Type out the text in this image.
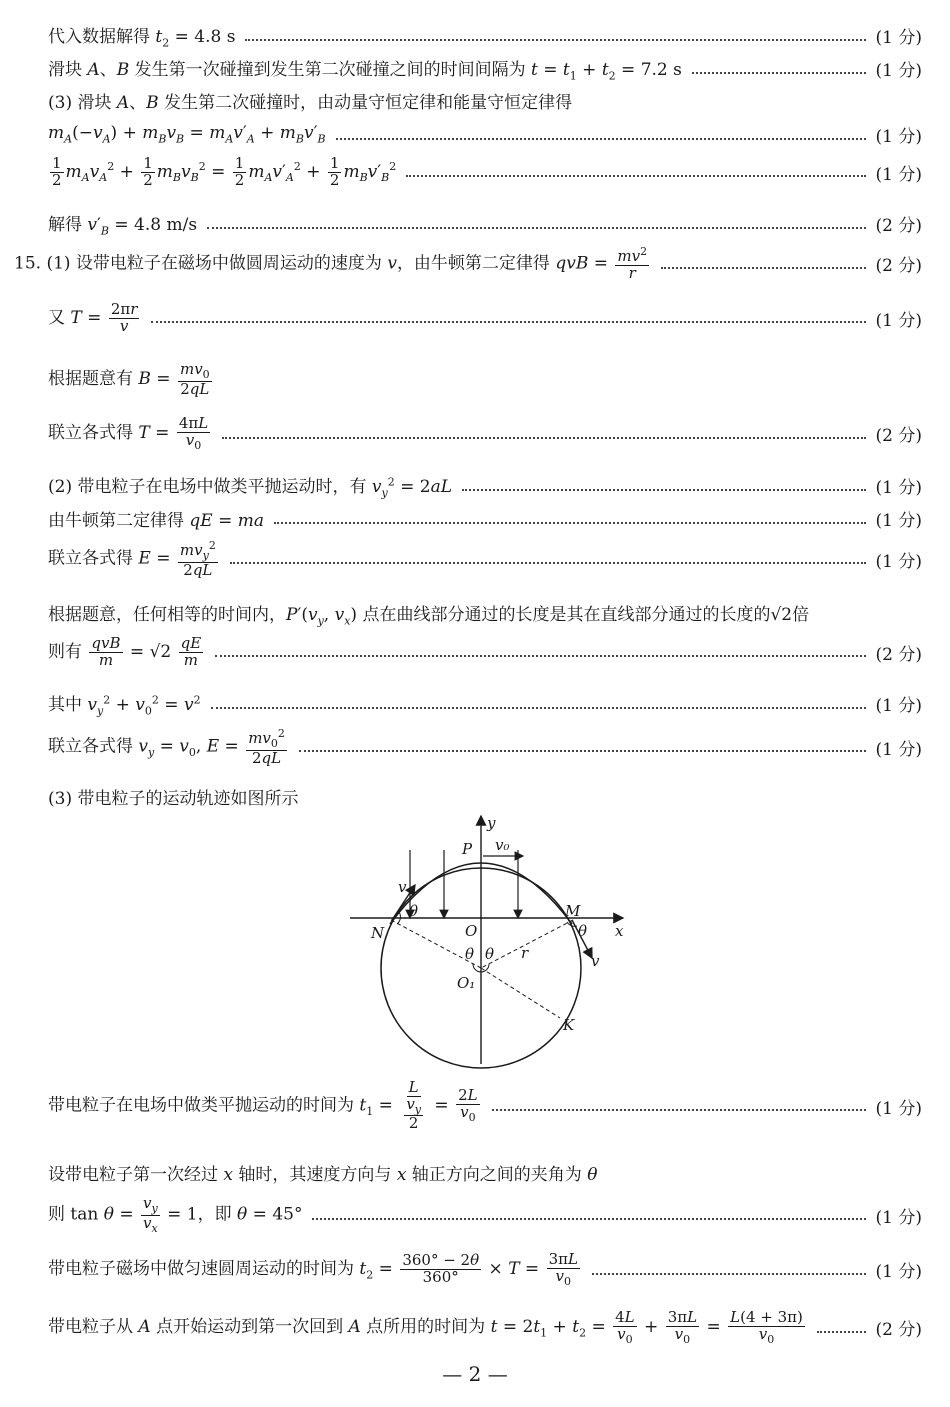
代入数据解得 $t_2 = 4.8$ s	(1 分)
滑块 A、B 发生第一次碰撞到发生第二次碰撞之间的时间间隔为 $t = t_1 + t_2 = 7.2$ s	(1 分)
(3) 滑块 A、B 发生第二次碰撞时，由动量守恒定律和能量守恒定律得
$m_A(-v_A) + m_Bv_B = m_Av'_A + m_Bv'_B$	(1 分)
$\frac{1}{2} m_Av_A^2 + \frac{1}{2} m_Bv_B^2 = \frac{1}{2} m_Av'_A^2 + \frac{1}{2} m_Bv'_B^2$	(1 分)
解得 $v'_B = 4.8$ m/s	(2 分)
15. (1) 设带电粒子在磁场中做圆周运动的速度为 v，由牛顿第二定律得 qvB = $\frac{mv^2}{r}$	(2 分)
又 $T = \frac{2\pi r}{v}$	(1 分)
根据题意有 $B = \frac{mv_0}{2qL}$
联立各式得 $T = \frac{4\pi L}{v_0}$	(2 分)
(2) 带电粒子在电场中做类平抛运动时，有 $v_y^2 = 2aL$	(1 分)
由牛顿第二定律得 qE = ma	(1 分)
联立各式得 $E = \frac{mv_y^2}{2qL}$	(1 分)
根据题意，任何相等的时间内，$P'(v_y$, $v_x$) 点在曲线部分通过的长度是其在直线部分通过的长度的√2倍
则有 $\frac{\text{qvB}}{m} = √2 \frac{qE}{m}$	(2 分)
其中 $v_y^2 + v_0^2 = v^2$	(1 分)
联立各式得 $v_y = v_0$, $E = \frac{mv_0^2}{2qL}$	(1 分)
(3) 带电粒子的运动轨迹如图所示
y
x
P v₀
v
θ
N	O
M
θ
v
θ θ r
O₁
K
带电粒子在电场中做类平抛运动的时间为 $t_1 = \frac{L}{\frac{v_y}{2}} = \frac{2L}{v_0}$	(1 分)
设带电粒子第一次经过 x 轴时，其速度方向与 x 轴正方向之间的夹角为 θ
则 $\tan \theta = \frac{v_y}{v_x} = 1$，即 θ = 45°	(1 分)
带电粒子磁场中做匀速圆周运动的时间为 $t_2 = \frac{360^\circ - 2\theta}{360^\circ} \times T = \frac{3\pi L}{v_0}$	(1 分)
带电粒子从 A 点开始运动到第一次回到 A 点所用的时间为 $t = 2t_1 + t_2 = \frac{4L}{v_0} + \frac{3\pi L}{v_0} = \frac{L(4 + 3\pi)}{v_0}$	(2 分)
— 2 —
